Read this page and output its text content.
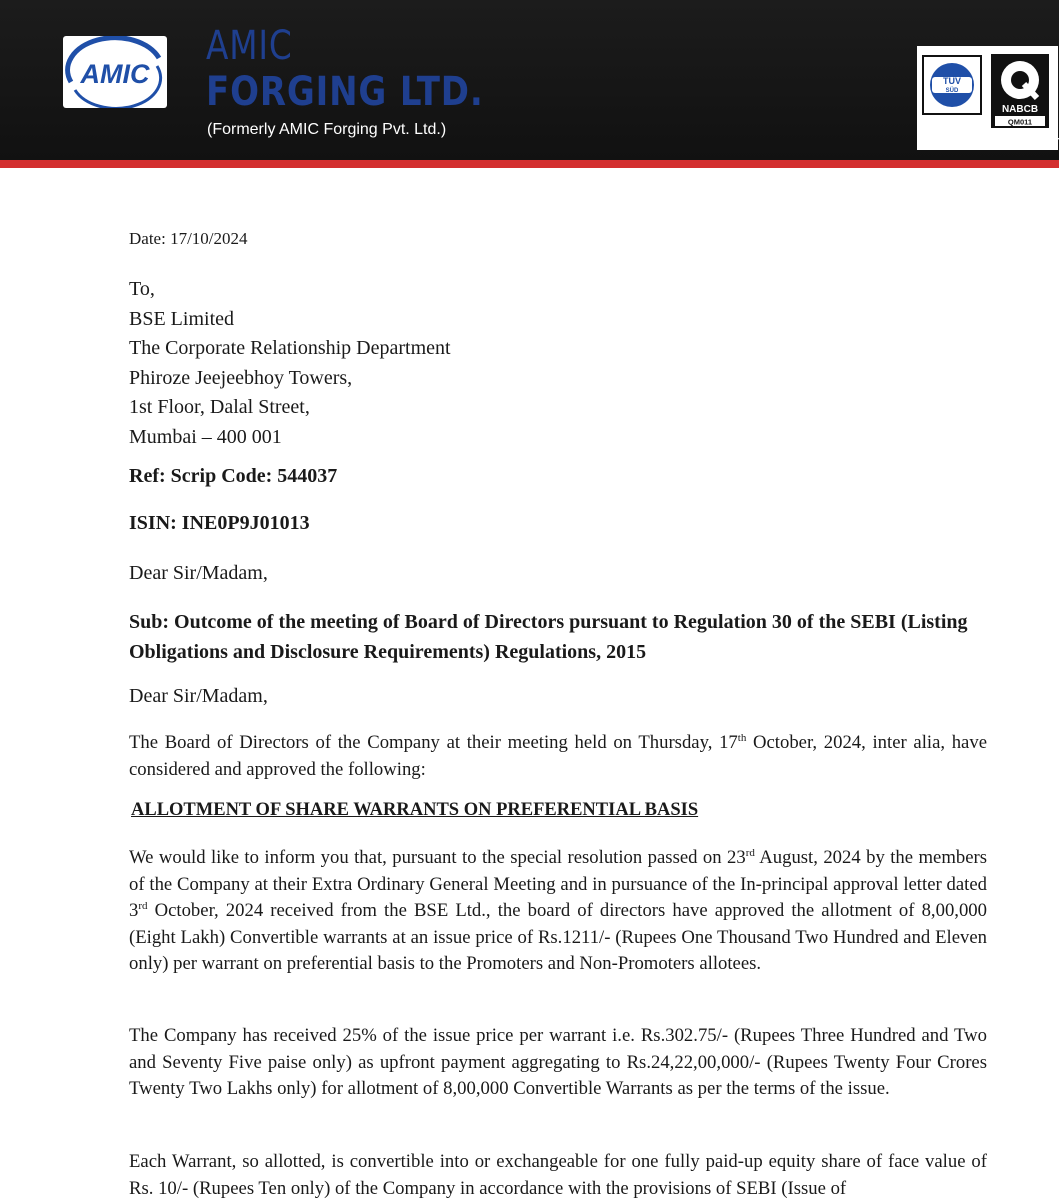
AMIC
AMIC
FORGING LTD.
(Formerly AMIC Forging Pvt. Ltd.)
TÜV
SÜD
NABCB
QM011
ISO 9001-2015 CERTIFIED COMPANY
Date: 17/10/2024
To,
BSE Limited
The Corporate Relationship Department
Phiroze Jeejeebhoy Towers,
1st Floor, Dalal Street,
Mumbai – 400 001
Ref: Scrip Code: 544037
ISIN: INE0P9J01013
Dear Sir/Madam,
Sub: Outcome of the meeting of Board of Directors pursuant to Regulation 30 of the SEBI (Listing Obligations and Disclosure Requirements) Regulations, 2015
Dear Sir/Madam,
The Board of Directors of the Company at their meeting held on Thursday, 17th October, 2024, inter alia, have considered and approved the following:
ALLOTMENT OF SHARE WARRANTS ON PREFERENTIAL BASIS
We would like to inform you that, pursuant to the special resolution passed on 23rd August, 2024 by the members of the Company at their Extra Ordinary General Meeting and in pursuance of the In-principal approval letter dated 3rd October, 2024 received from the BSE Ltd., the board of directors have approved the allotment of 8,00,000 (Eight Lakh) Convertible warrants at an issue price of Rs.1211/- (Rupees One Thousand Two Hundred and Eleven only) per warrant on preferential basis to the Promoters and Non-Promoters allotees.
The Company has received 25% of the issue price per warrant i.e. Rs.302.75/- (Rupees Three Hundred and Two and Seventy Five paise only) as upfront payment aggregating to Rs.24,22,00,000/- (Rupees Twenty Four Crores Twenty Two Lakhs only) for allotment of 8,00,000 Convertible Warrants as per the terms of the issue.
Each Warrant, so allotted, is convertible into or exchangeable for one fully paid-up equity share of face value of Rs. 10/- (Rupees Ten only) of the Company in accordance with the provisions of SEBI (Issue of
